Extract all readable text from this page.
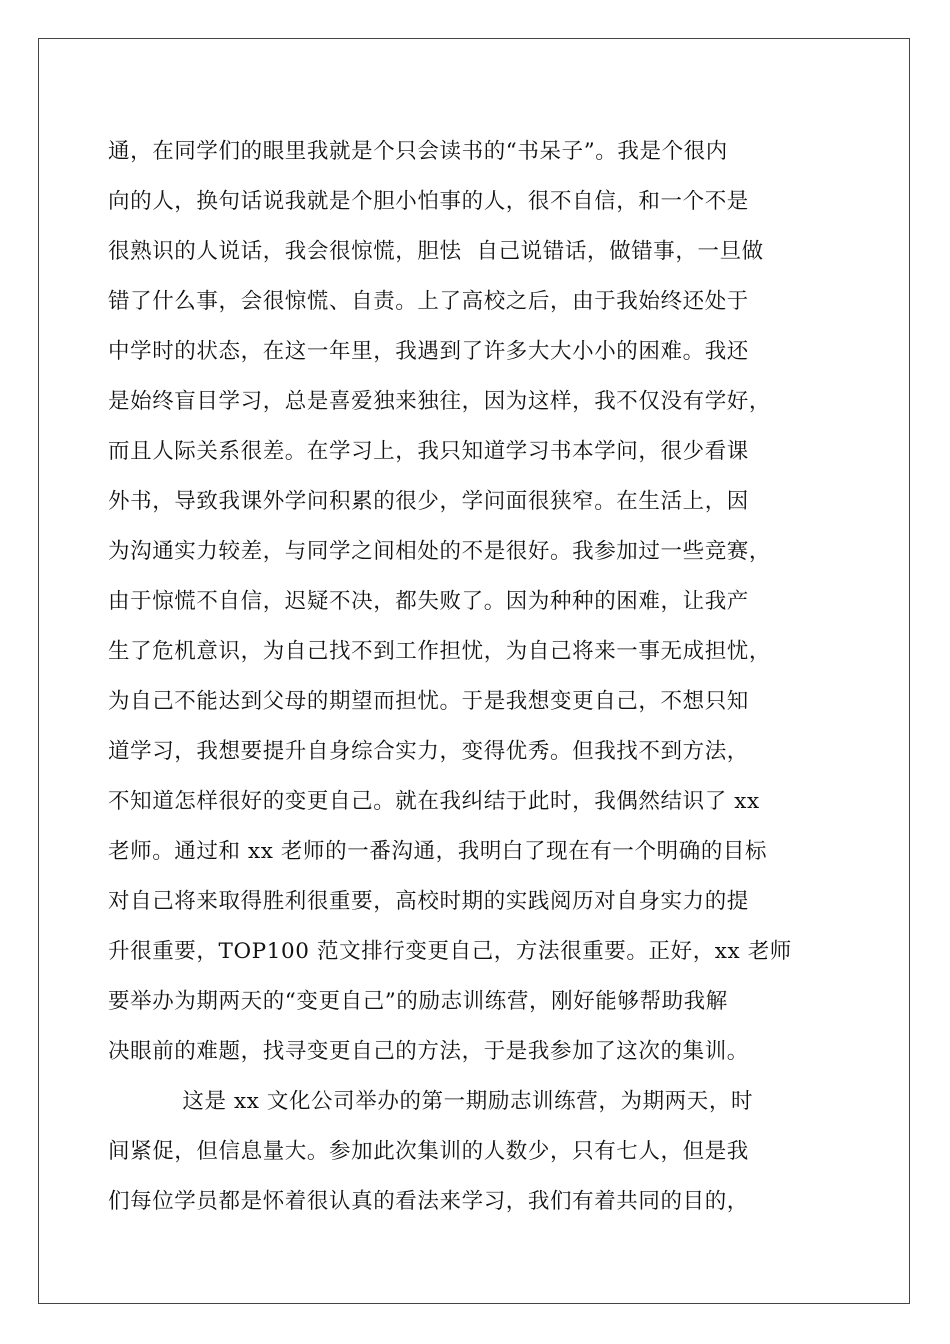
通，在同学们的眼里我就是个只会读书的“书呆子”。我是个很内
向的人，换句话说我就是个胆小怕事的人，很不自信，和一个不是
很熟识的人说话，我会很惊慌，胆怯  自己说错话，做错事，一旦做
错了什么事，会很惊慌、自责。上了高校之后，由于我始终还处于
中学时的状态，在这一年里，我遇到了许多大大小小的困难。我还
是始终盲目学习，总是喜爱独来独往，因为这样，我不仅没有学好，
而且人际关系很差。在学习上，我只知道学习书本学问，很少看课
外书，导致我课外学问积累的很少，学问面很狭窄。在生活上，因
为沟通实力较差，与同学之间相处的不是很好。我参加过一些竞赛，
由于惊慌不自信，迟疑不决，都失败了。因为种种的困难，让我产
生了危机意识，为自己找不到工作担忧，为自己将来一事无成担忧，
为自己不能达到父母的期望而担忧。于是我想变更自己，不想只知
道学习，我想要提升自身综合实力，变得优秀。但我找不到方法，
不知道怎样很好的变更自己。就在我纠结于此时，我偶然结识了 xx
老师。通过和 xx 老师的一番沟通，我明白了现在有一个明确的目标
对自己将来取得胜利很重要，高校时期的实践阅历对自身实力的提
升很重要，TOP100 范文排行变更自己，方法很重要。正好，xx 老师
要举办为期两天的“变更自己”的励志训练营，刚好能够帮助我解
决眼前的难题，找寻变更自己的方法，于是我参加了这次的集训。
这是 xx 文化公司举办的第一期励志训练营，为期两天，时
间紧促，但信息量大。参加此次集训的人数少，只有七人，但是我
们每位学员都是怀着很认真的看法来学习，我们有着共同的目的，
